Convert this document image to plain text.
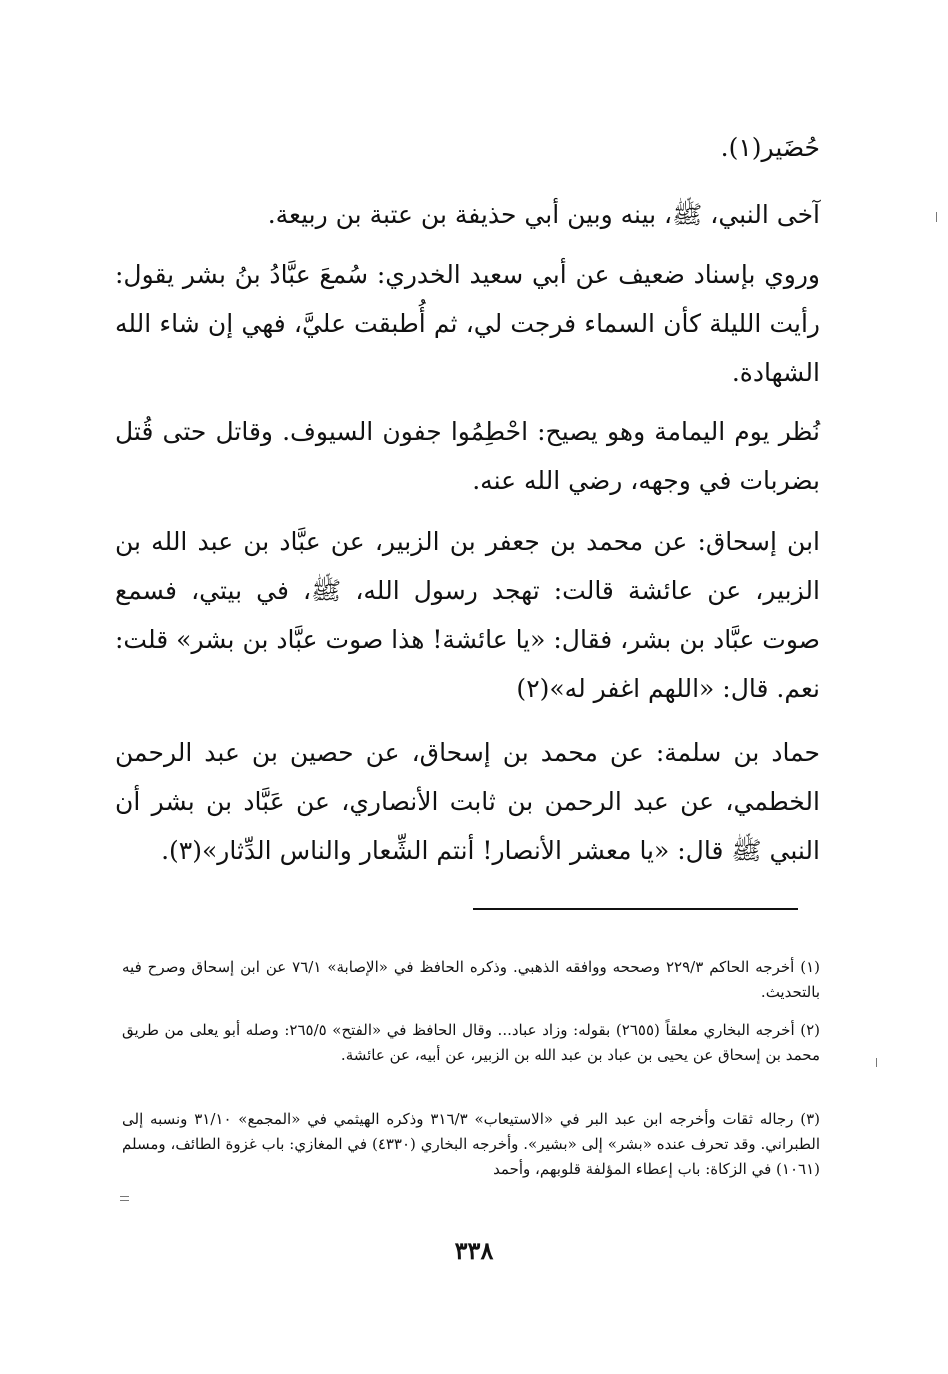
حُضَير(١).

آخى النبي، ﷺ، بينه وبين أبي حذيفة بن عتبة بن ربيعة.

وروي بإسناد ضعيف عن أبي سعيد الخدري: سُمعَ عبَّادُ بنُ بشر يقول: رأيت الليلة كأن السماء فرجت لي، ثم أُطبقت عليَّ، فهي إن شاء الله الشهادة.

نُظر يوم اليمامة وهو يصيح: احْطِمُوا جفون السيوف. وقاتل حتى قُتل بضربات في وجهه، رضي الله عنه.

ابن إسحاق: عن محمد بن جعفر بن الزبير، عن عبَّاد بن عبد الله بن الزبير، عن عائشة قالت: تهجد رسول الله، ﷺ، في بيتي، فسمع صوت عبَّاد بن بشر، فقال: «يا عائشة! هذا صوت عبَّاد بن بشر» قلت: نعم. قال: «اللهم اغفر له»(٢)

حماد بن سلمة: عن محمد بن إسحاق، عن حصين بن عبد الرحمن الخطمي، عن عبد الرحمن بن ثابت الأنصاري، عن عَبَّاد بن بشر أن النبي ﷺ قال: «يا معشر الأنصار! أنتم الشِّعار والناس الدِّثار»(٣).

(١) أخرجه الحاكم ٢٢٩/٣ وصححه ووافقه الذهبي. وذكره الحافظ في «الإصابة» ٧٦/١ عن ابن إسحاق وصرح فيه بالتحديث.

(٢) أخرجه البخاري معلقاً (٢٦٥٥) بقوله: وزاد عباد... وقال الحافظ في «الفتح» ٢٦٥/٥: وصله أبو يعلى من طريق محمد بن إسحاق عن يحيى بن عباد بن عبد الله بن الزبير، عن أبيه، عن عائشة.

(٣) رجاله ثقات وأخرجه ابن عبد البر في «الاستيعاب» ٣١٦/٣ وذكره الهيثمي في «المجمع» ٣١/١٠ ونسبه إلى الطبراني. وقد تحرف عنده «بشر» إلى «بشير». وأخرجه البخاري (٤٣٣٠) في المغازي: باب غزوة الطائف، ومسلم (١٠٦١) في الزكاة: باب إعطاء المؤلفة قلوبهم، وأحمد

٣٣٨
